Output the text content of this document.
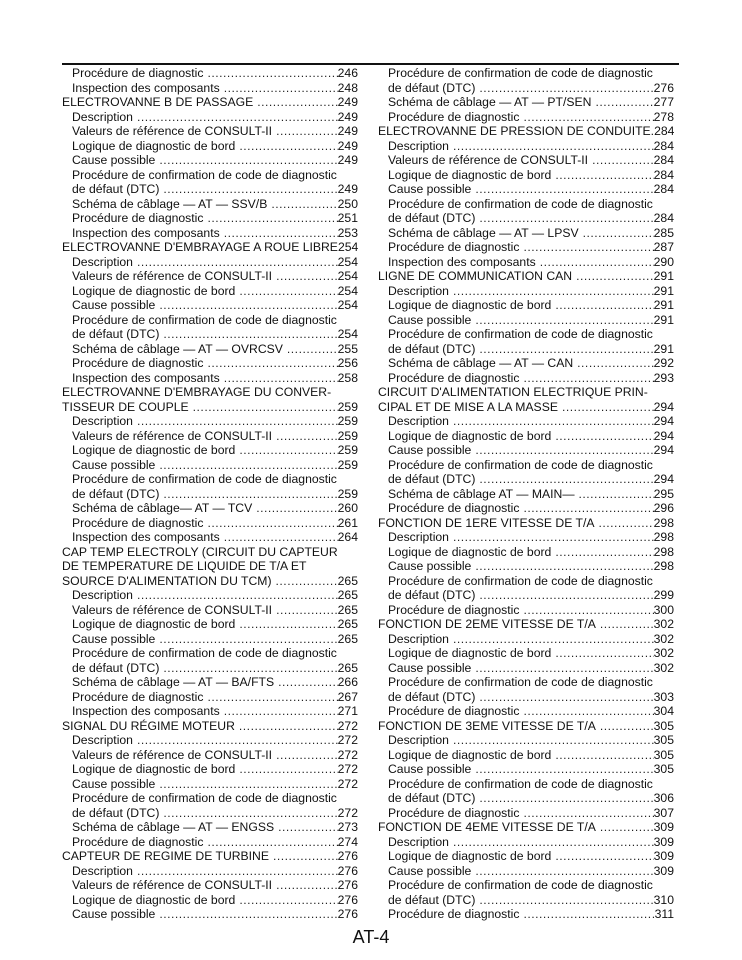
Procédure de diagnostic .....	246
Inspection des composants .....	248
ELECTROVANNE B DE PASSAGE .....	249
Description .....	249
Valeurs de référence de CONSULT-II .....	249
Logique de diagnostic de bord .....	249
Cause possible .....	249
Procédure de confirmation de code de diagnostic
de défaut (DTC) .....	249
Schéma de câblage — AT — SSV/B .....	250
Procédure de diagnostic .....	251
Inspection des composants .....	253
ELECTROVANNE D'EMBRAYAGE A ROUE LIBRE 254
Description .....	254
Valeurs de référence de CONSULT-II .....	254
Logique de diagnostic de bord .....	254
Cause possible .....	254
Procédure de confirmation de code de diagnostic
de défaut (DTC) .....	254
Schéma de câblage — AT — OVRCSV .....	255
Procédure de diagnostic .....	256
Inspection des composants .....	258
ELECTROVANNE D'EMBRAYAGE DU CONVER-
TISSEUR DE COUPLE .....	259
Description .....	259
Valeurs de référence de CONSULT-II .....	259
Logique de diagnostic de bord .....	259
Cause possible .....	259
Procédure de confirmation de code de diagnostic
de défaut (DTC) .....	259
Schéma de câblage— AT — TCV .....	260
Procédure de diagnostic .....	261
Inspection des composants .....	264
CAP TEMP ELECTROLY (CIRCUIT DU CAPTEUR
DE TEMPERATURE DE LIQUIDE DE T/A ET
SOURCE D'ALIMENTATION DU TCM) .....	265
Description .....	265
Valeurs de référence de CONSULT-II .....	265
Logique de diagnostic de bord .....	265
Cause possible .....	265
Procédure de confirmation de code de diagnostic
de défaut (DTC) .....	265
Schéma de câblage — AT — BA/FTS .....	266
Procédure de diagnostic .....	267
Inspection des composants .....	271
SIGNAL DU RÉGIME MOTEUR .....	272
Description .....	272
Valeurs de référence de CONSULT-II .....	272
Logique de diagnostic de bord .....	272
Cause possible .....	272
Procédure de confirmation de code de diagnostic
de défaut (DTC) .....	272
Schéma de câblage — AT — ENGSS .....	273
Procédure de diagnostic .....	274
CAPTEUR DE REGIME DE TURBINE .....	276
Description .....	276
Valeurs de référence de CONSULT-II .....	276
Logique de diagnostic de bord .....	276
Cause possible .....	276
Procédure de confirmation de code de diagnostic
de défaut (DTC) .....	276
Schéma de câblage — AT — PT/SEN .....	277
Procédure de diagnostic .....	278
ELECTROVANNE DE PRESSION DE CONDUITE. 284
Description .....	284
Valeurs de référence de CONSULT-II .....	284
Logique de diagnostic de bord .....	284
Cause possible .....	284
Procédure de confirmation de code de diagnostic
de défaut (DTC) .....	284
Schéma de câblage — AT — LPSV .....	285
Procédure de diagnostic .....	287
Inspection des composants .....	290
LIGNE DE COMMUNICATION CAN .....	291
Description .....	291
Logique de diagnostic de bord .....	291
Cause possible .....	291
Procédure de confirmation de code de diagnostic
de défaut (DTC) .....	291
Schéma de câblage — AT — CAN .....	292
Procédure de diagnostic .....	293
CIRCUIT D'ALIMENTATION ELECTRIQUE PRIN-
CIPAL ET DE MISE A LA MASSE .....	294
Description .....	294
Logique de diagnostic de bord .....	294
Cause possible .....	294
Procédure de confirmation de code de diagnostic
de défaut (DTC) .....	294
Schéma de câblage AT — MAIN— .....	295
Procédure de diagnostic .....	296
FONCTION DE 1ERE VITESSE DE T/A .....	298
Description .....	298
Logique de diagnostic de bord .....	298
Cause possible .....	298
Procédure de confirmation de code de diagnostic
de défaut (DTC) .....	299
Procédure de diagnostic .....	300
FONCTION DE 2EME VITESSE DE T/A .....	302
Description .....	302
Logique de diagnostic de bord .....	302
Cause possible .....	302
Procédure de confirmation de code de diagnostic
de défaut (DTC) .....	303
Procédure de diagnostic .....	304
FONCTION DE 3EME VITESSE DE T/A .....	305
Description .....	305
Logique de diagnostic de bord .....	305
Cause possible .....	305
Procédure de confirmation de code de diagnostic
de défaut (DTC) .....	306
Procédure de diagnostic .....	307
FONCTION DE 4EME VITESSE DE T/A .....	309
Description .....	309
Logique de diagnostic de bord .....	309
Cause possible .....	309
Procédure de confirmation de code de diagnostic
de défaut (DTC) .....	310
Procédure de diagnostic .....	311
AT-4
